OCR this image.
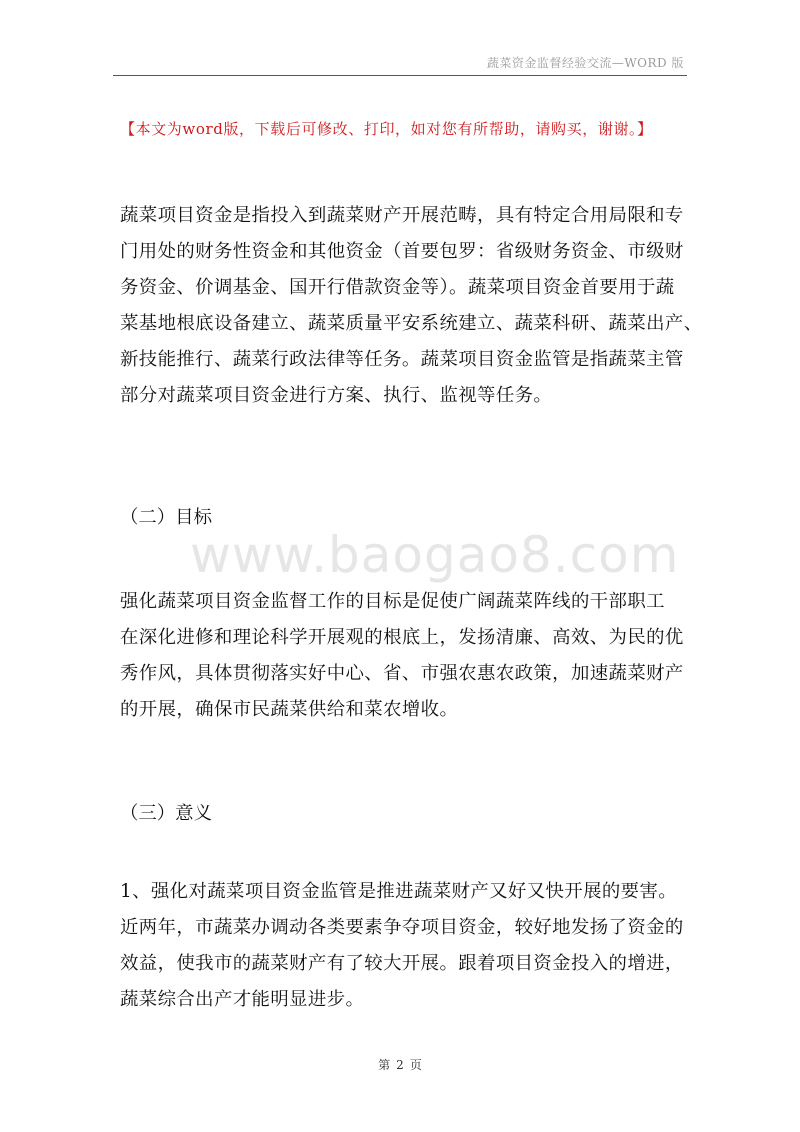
蔬菜资金监督经验交流—WORD 版
【本文为word版，下载后可修改、打印，如对您有所帮助，请购买，谢谢。】
蔬菜项目资金是指投入到蔬菜财产开展范畴，具有特定合用局限和专
门用处的财务性资金和其他资金（首要包罗：省级财务资金、市级财
务资金、价调基金、国开行借款资金等）。蔬菜项目资金首要用于蔬
菜基地根底设备建立、蔬菜质量平安系统建立、蔬菜科研、蔬菜出产、
新技能推行、蔬菜行政法律等任务。蔬菜项目资金监管是指蔬菜主管
部分对蔬菜项目资金进行方案、执行、监视等任务。
（二）目标
www.baogao8.com
强化蔬菜项目资金监督工作的目标是促使广阔蔬菜阵线的干部职工
在深化进修和理论科学开展观的根底上，发扬清廉、高效、为民的优
秀作风，具体贯彻落实好中心、省、市强农惠农政策，加速蔬菜财产
的开展，确保市民蔬菜供给和菜农增收。
（三）意义
1、强化对蔬菜项目资金监管是推进蔬菜财产又好又快开展的要害。
近两年，市蔬菜办调动各类要素争夺项目资金，较好地发扬了资金的
效益，使我市的蔬菜财产有了较大开展。跟着项目资金投入的增进，
蔬菜综合出产才能明显进步。
第 2 页
